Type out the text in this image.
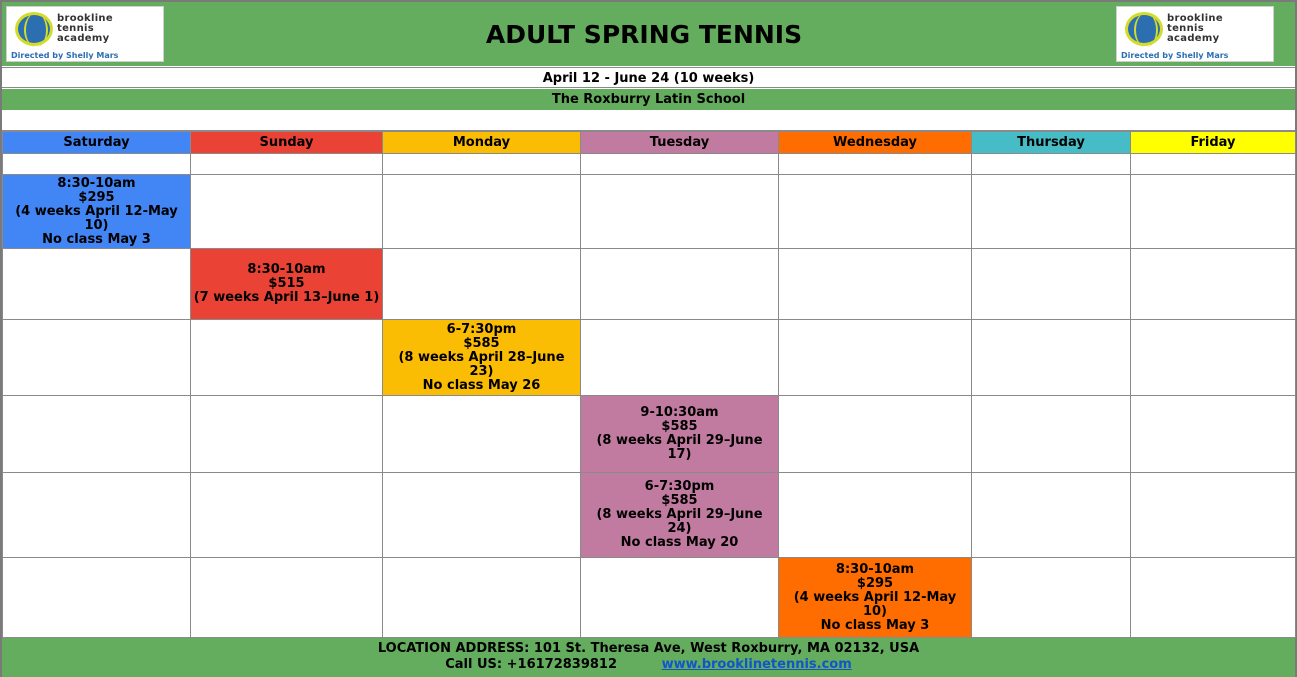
brookline
tennis
academy
Directed by Shelly Mars
ADULT SPRING TENNIS
brookline
tennis
academy
Directed by Shelly Mars
April 12 - June 24 (10 weeks)
The Roxburry Latin School
Saturday	Sunday	Monday	Tuesday	Wednesday	Thursday	Friday

8:30-10am
$295
(4 weeks April 12-May 10)
No class May 3						

	8:30-10am
$515
(7 weeks April 13–June 1)					

		6-7:30pm
$585
(8 weeks April 28–June 23)
No class May 26				

			9-10:30am
$585
(8 weeks April 29–June 17)			

			6-7:30pm
$585
(8 weeks April 29–June 24)
No class May 20			

				8:30-10am
$295
(4 weeks April 12-May 10)
No class May 3		

LOCATION ADDRESS: 101 St. Theresa Ave, West Roxburry, MA 02132, USA
Call US: +16172839812	www.brooklinetennis.com
